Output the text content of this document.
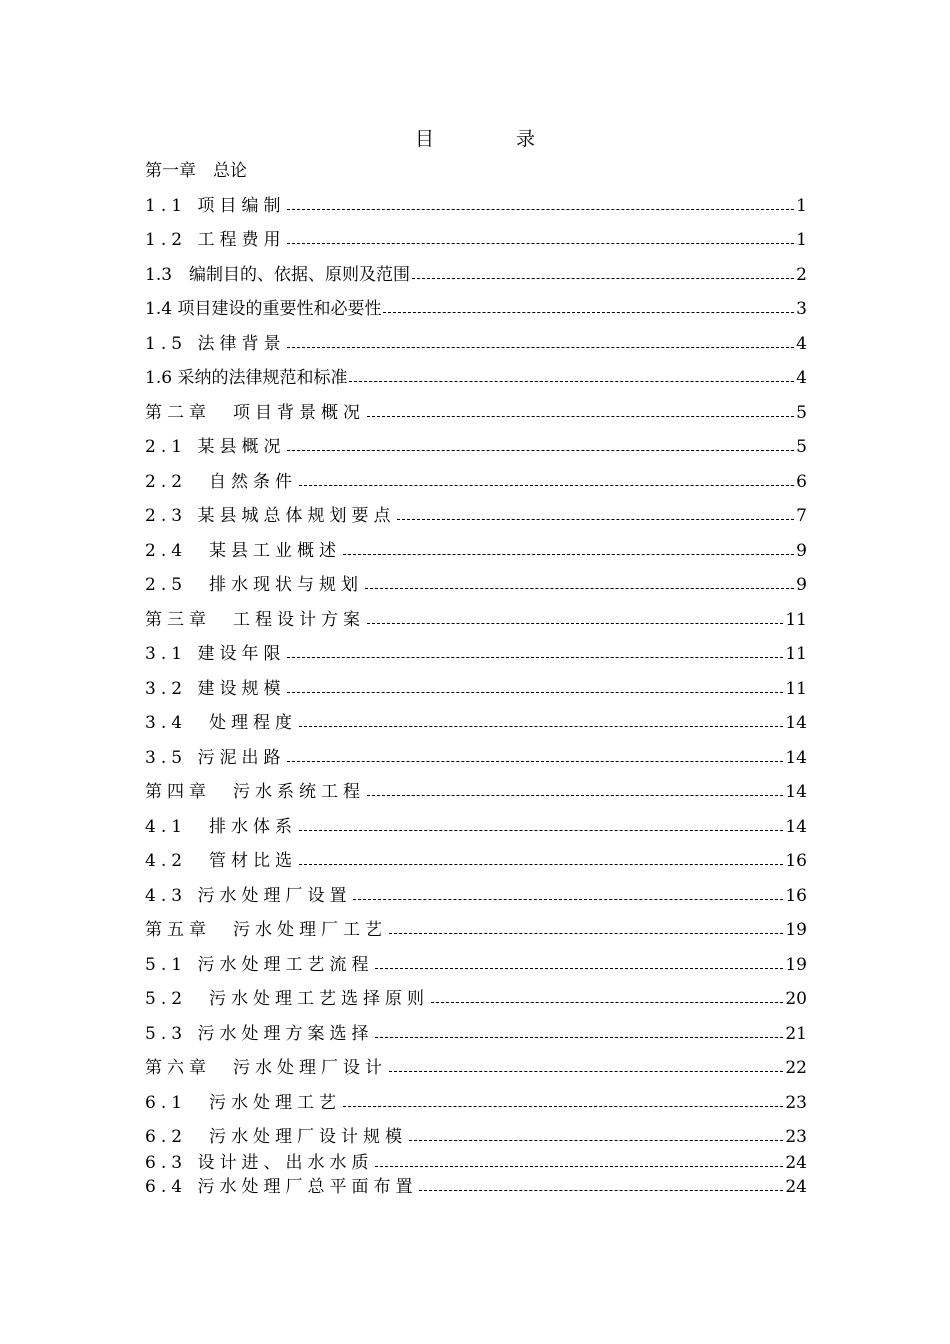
目 录
第一章　总论
1.1 项目编制	1
1.2 工程费用	1
1.3　编制目的、依据、原则及范围	2
1.4 项目建设的重要性和必要性	3
1.5 法律背景	4
1.6 采纳的法律规范和标准	4
第二章　项目背景概况	5
2.1 某县概况	5
2.2　自然条件	6
2.3 某县城总体规划要点	7
2.4　某县工业概述	9
2.5　排水现状与规划	9
第三章　工程设计方案	11
3.1 建设年限	11
3.2 建设规模	11
3.4　处理程度	14
3.5 污泥出路	14
第四章　污水系统工程	14
4.1　排水体系	14
4.2　管材比选	16
4.3 污水处理厂设置	16
第五章　污水处理厂工艺	19
5.1 污水处理工艺流程	19
5.2　污水处理工艺选择原则	20
5.3 污水处理方案选择	21
第六章　污水处理厂设计	22
6.1　污水处理工艺	23
6.2　污水处理厂设计规模	23
6.3 设计进、出水水质	24
6.4 污水处理厂总平面布置	24
